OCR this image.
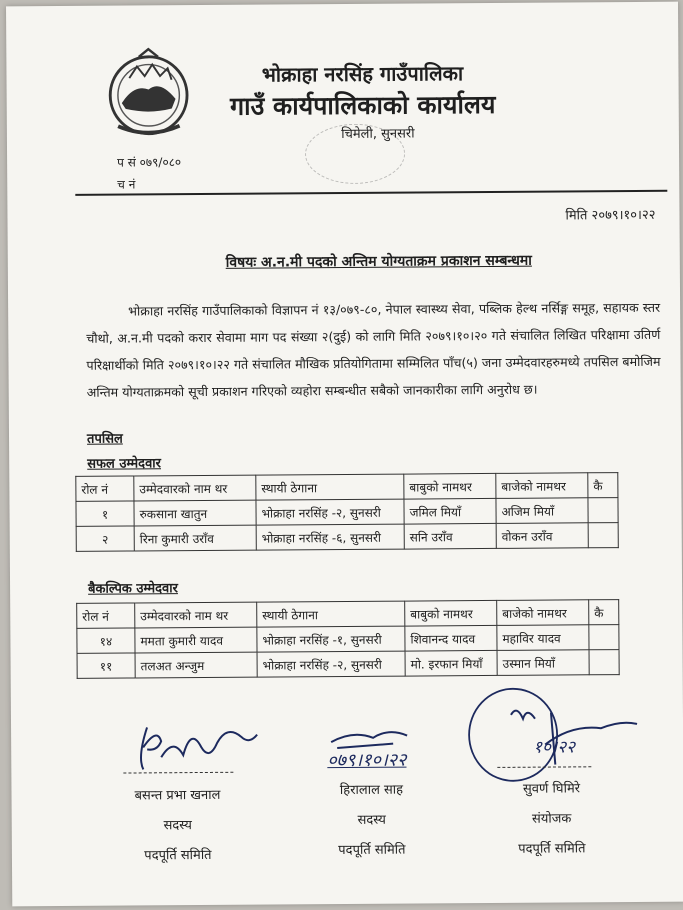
भोक्राहा नरसिंह गाउँपालिका
गाउँ कार्यपालिकाको कार्यालय
चिमेली, सुनसरी
प सं ०७९/०८०
च नं
मिति २०७९।१०।२२
विषयः अ.न.मी पदको अन्तिम योग्यताक्रम प्रकाशन सम्बन्धमा
भोक्राहा नरसिंह गाउँपालिकाको विज्ञापन नं १३/०७९-८०, नेपाल स्वास्थ्य सेवा, पब्लिक हेल्थ नर्सिङ्ग समूह, सहायक स्तर चौथो, अ.न.मी पदको करार सेवामा माग पद संख्या २(दुई) को लागि मिति २०७९।१०।२० गते संचालित लिखित परिक्षामा उतिर्ण परिक्षार्थीको मिति २०७९।१०।२२ गते संचालित मौखिक प्रतियोगितामा सम्मिलित पाँच(५) जना उम्मेदवारहरुमध्ये तपसिल बमोजिम अन्तिम योग्यताक्रमको सूची प्रकाशन गरिएको व्यहोरा सम्बन्धीत सबैको जानकारीका लागि अनुरोध छ।
तपसिल
सफल उम्मेदवार
रोल नं	उम्मेदवारको नाम थर	स्थायी ठेगाना	बाबुको नामथर	बाजेको नामथर	कै
१	रुकसाना खातुन	भोक्राहा नरसिंह -२, सुनसरी	जमिल मियाँ	अजिम मियाँ	
२	रिना कुमारी उराँव	भोक्राहा नरसिंह -६, सुनसरी	सनि उराँव	वोकन उराँव	
बैकल्पिक उम्मेदवार
रोल नं	उम्मेदवारको नाम थर	स्थायी ठेगाना	बाबुको नामथर	बाजेको नामथर	कै
१४	ममता कुमारी यादव	भोक्राहा नरसिंह -१, सुनसरी	शिवानन्द यादव	महाविर यादव	
११	तलअत अन्जुम	भोक्राहा नरसिंह -२, सुनसरी	मो. इरफान मियाँ	उस्मान मियाँ	
०७९।१०।२२
१०।२२
बसन्त प्रभा खनाल
सदस्य
पदपूर्ति समिति
हिरालाल साह
सदस्य
पदपूर्ति समिति
सुवर्ण घिमिरे
संयोजक
पदपूर्ति समिति
